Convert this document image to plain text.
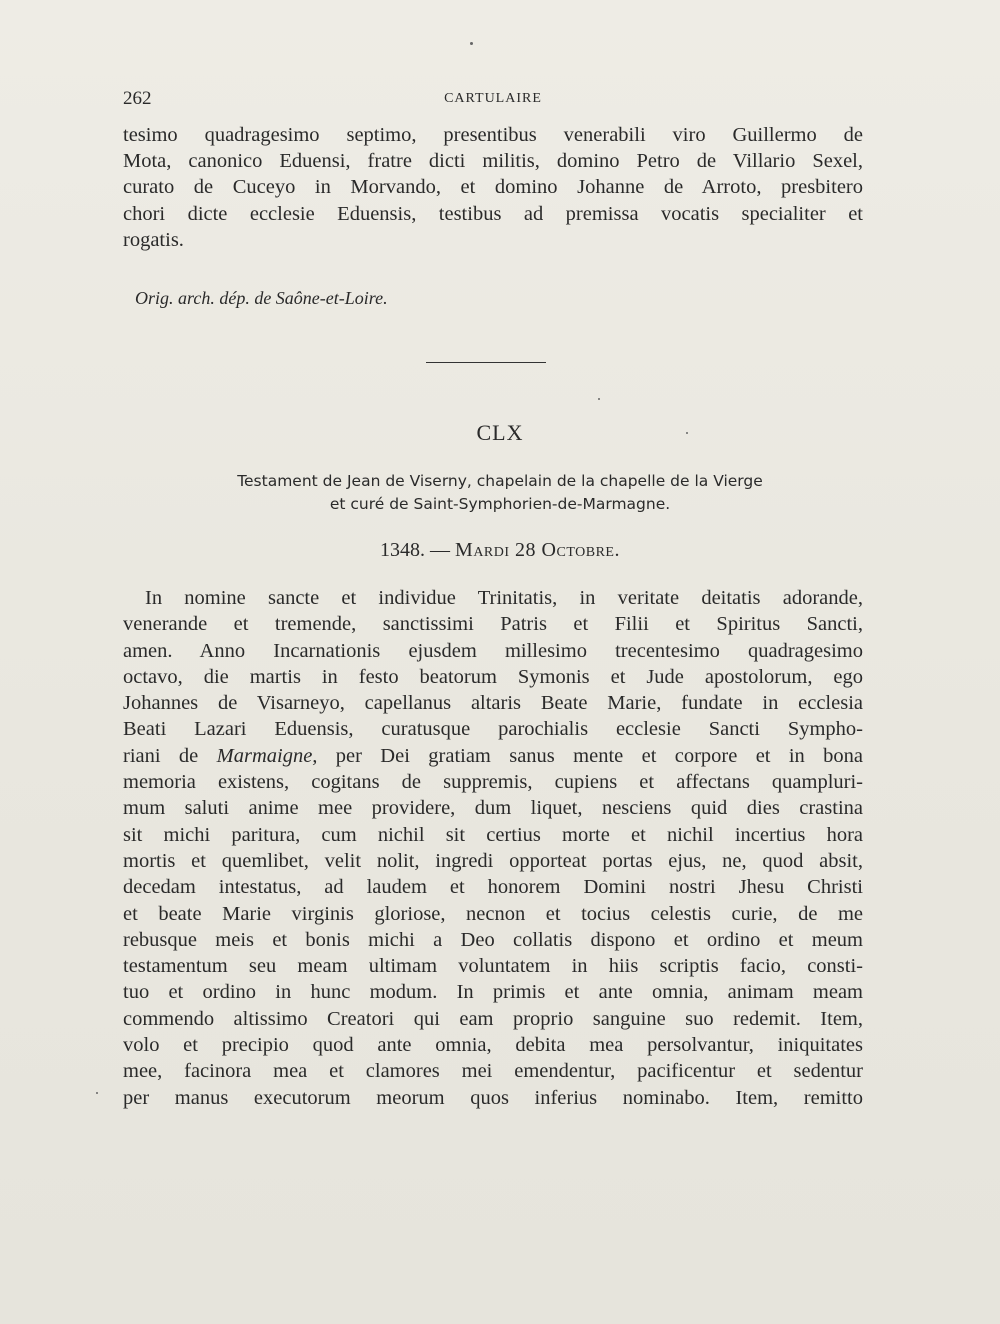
262	CARTULAIRE
tesimo quadragesimo septimo, presentibus venerabili viro Guillermo de
Mota, canonico Eduensi, fratre dicti militis, domino Petro de Villario Sexel,
curato de Cuceyo in Morvando, et domino Johanne de Arroto, presbitero
chori dicte ecclesie Eduensis, testibus ad premissa vocatis specialiter et
rogatis.
Orig. arch. dép. de Saône-et-Loire.
CLX
Testament de Jean de Viserny, chapelain de la chapelle de la Vierge
et curé de Saint-Symphorien-de-Marmagne.
1348. — Mardi 28 Octobre.
In nomine sancte et individue Trinitatis, in veritate deitatis adorande,
venerande et tremende, sanctissimi Patris et Filii et Spiritus Sancti,
amen. Anno Incarnationis ejusdem millesimo trecentesimo quadragesimo
octavo, die martis in festo beatorum Symonis et Jude apostolorum, ego
Johannes de Visarneyo, capellanus altaris Beate Marie, fundate in ecclesia
Beati Lazari Eduensis, curatusque parochialis ecclesie Sancti Sympho-
riani de Marmaigne, per Dei gratiam sanus mente et corpore et in bona
memoria existens, cogitans de suppremis, cupiens et affectans quampluri-
mum saluti anime mee providere, dum liquet, nesciens quid dies crastina
sit michi paritura, cum nichil sit certius morte et nichil incertius hora
mortis et quemlibet, velit nolit, ingredi opporteat portas ejus, ne, quod absit,
decedam intestatus, ad laudem et honorem Domini nostri Jhesu Christi
et beate Marie virginis gloriose, necnon et tocius celestis curie, de me
rebusque meis et bonis michi a Deo collatis dispono et ordino et meum
testamentum seu meam ultimam voluntatem in hiis scriptis facio, consti-
tuo et ordino in hunc modum. In primis et ante omnia, animam meam
commendo altissimo Creatori qui eam proprio sanguine suo redemit. Item,
volo et precipio quod ante omnia, debita mea persolvantur, iniquitates
mee, facinora mea et clamores mei emendentur, pacificentur et sedentur
per manus executorum meorum quos inferius nominabo. Item, remitto
